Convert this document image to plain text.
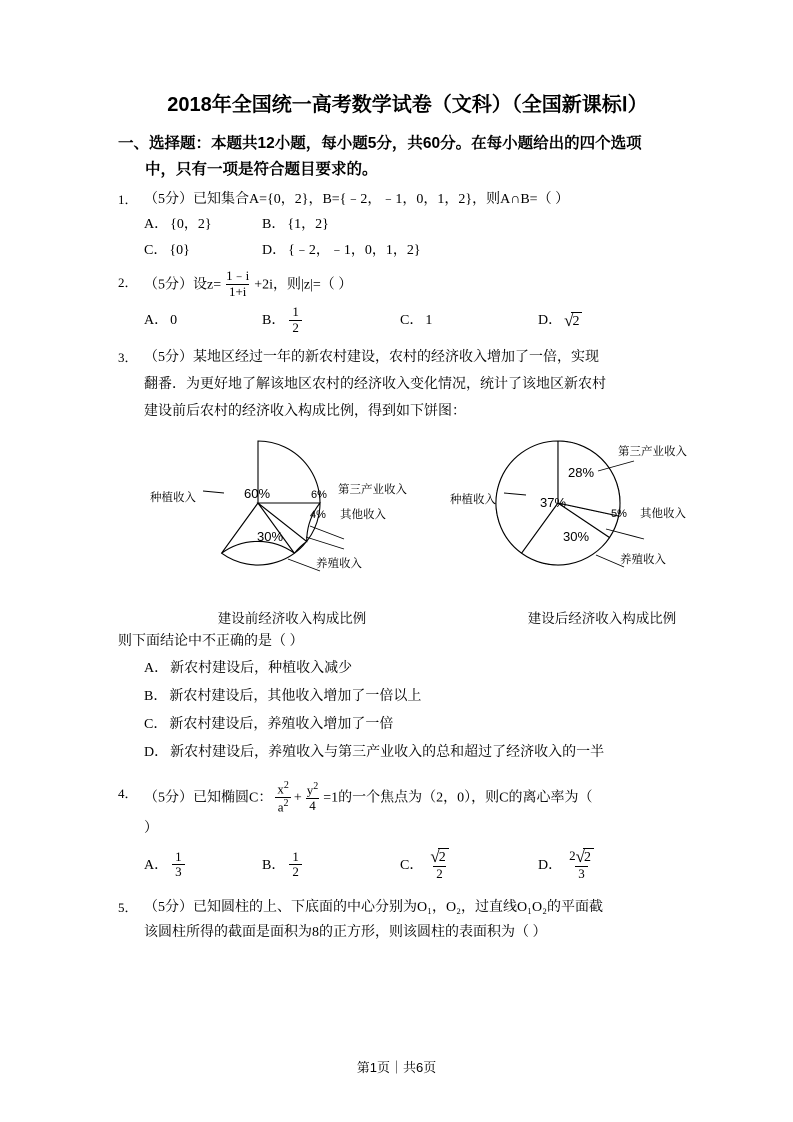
2018年全国统一高考数学试卷（文科）（全国新课标Ⅰ）
一、选择题：本题共12小题，每小题5分，共60分。在每小题给出的四个选项
中，只有一项是符合题目要求的。
1． （5分）已知集合A={0，2}，B={﹣2，﹣1，0，1，2}，则A∩B=（ ）
A． {0，2}	B． {1，2}
C． {0}	D． {﹣2，﹣1，0，1，2}
2． （5分）设$z= \frac{1﹣i}{1+i} +2i$，则|z|=（ ）
A． 0	B． $\frac{1}{2}$	C． 1	D． √ 2
3． （5分）某地区经过一年的新农村建设，农村的经济收入增加了一倍，实现
翻番．为更好地了解该地区农村的经济收入变化情况，统计了该地区新农村
建设前后农村的经济收入构成比例，得到如下饼图：
60%	6%
4%
30%
种植收入
第三产业收入
其他收入
养殖收入
建设前经济收入构成比例
37%
28%
5%
30%
种植收入
第三产业收入
其他收入
养殖收入
建设后经济收入构成比例
则下面结论中不正确的是（ ）
A． 新农村建设后，种植收入减少
B． 新农村建设后，其他收入增加了一倍以上
C． 新农村建设后，养殖收入增加了一倍
D． 新农村建设后，养殖收入与第三产业收入的总和超过了经济收入的一半
4． （5分）已知椭圆C： $\frac{x^2}{a^2} + \frac{y^2}{4} =1$的一个焦点为（2，0），则C的离心率为（
）
A． $\frac{1}{3}$	B． $\frac{1}{2}$	C． $\frac{√ 2}{2}$	D． $\frac{2 √ 2}{3}$
5． （5分）已知圆柱的上、下底面的中心分别为O₁，O₂，过直线O₁O₂的平面截
该圆柱所得的截面是面积为8的正方形，则该圆柱的表面积为（ ）
第1页｜共6页
